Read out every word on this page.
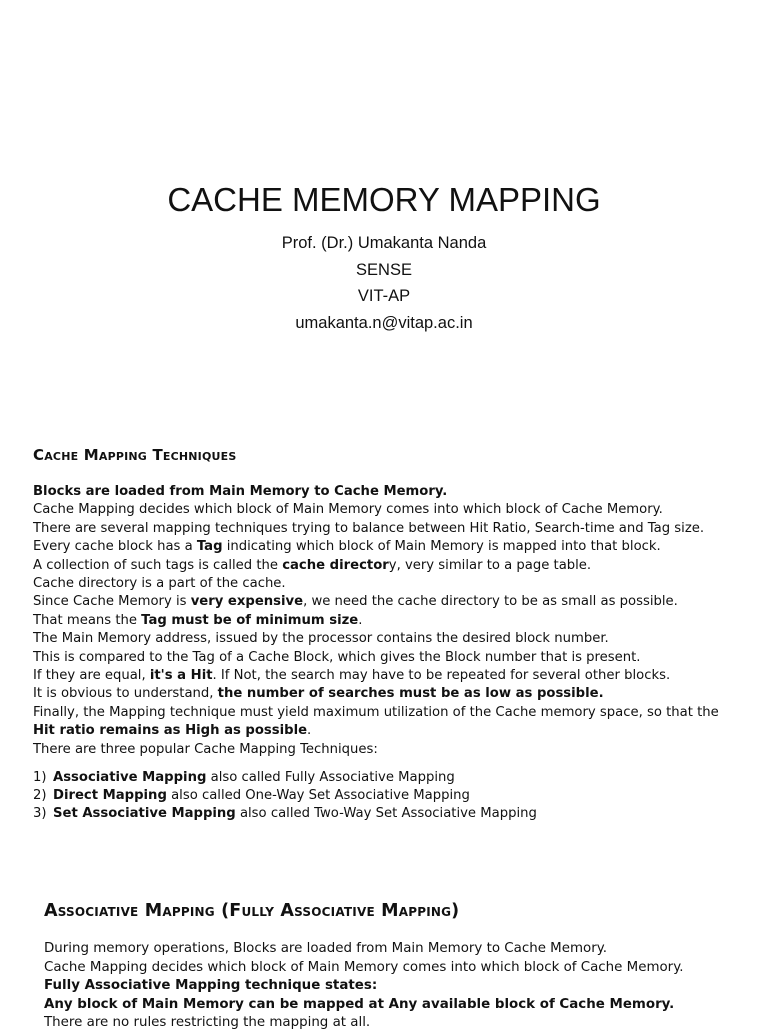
CACHE MEMORY MAPPING
Prof. (Dr.) Umakanta Nanda
SENSE
VIT-AP
umakanta.n@vitap.ac.in
Cache Mapping Techniques
Blocks are loaded from Main Memory to Cache Memory.
Cache Mapping decides which block of Main Memory comes into which block of Cache Memory.
There are several mapping techniques trying to balance between Hit Ratio, Search-time and Tag size.
Every cache block has a Tag indicating which block of Main Memory is mapped into that block.
A collection of such tags is called the cache directory, very similar to a page table.
Cache directory is a part of the cache.
Since Cache Memory is very expensive, we need the cache directory to be as small as possible.
That means the Tag must be of minimum size.
The Main Memory address, issued by the processor contains the desired block number.
This is compared to the Tag of a Cache Block, which gives the Block number that is present.
If they are equal, it's a Hit. If Not, the search may have to be repeated for several other blocks.
It is obvious to understand, the number of searches must be as low as possible.
Finally, the Mapping technique must yield maximum utilization of the Cache memory space, so that the
Hit ratio remains as High as possible.
There are three popular Cache Mapping Techniques:
1) Associative Mapping also called Fully Associative Mapping
2) Direct Mapping also called One-Way Set Associative Mapping
3) Set Associative Mapping also called Two-Way Set Associative Mapping
Associative Mapping (Fully Associative Mapping)
During memory operations, Blocks are loaded from Main Memory to Cache Memory.
Cache Mapping decides which block of Main Memory comes into which block of Cache Memory.
Fully Associative Mapping technique states:
Any block of Main Memory can be mapped at Any available block of Cache Memory.
There are no rules restricting the mapping at all.
